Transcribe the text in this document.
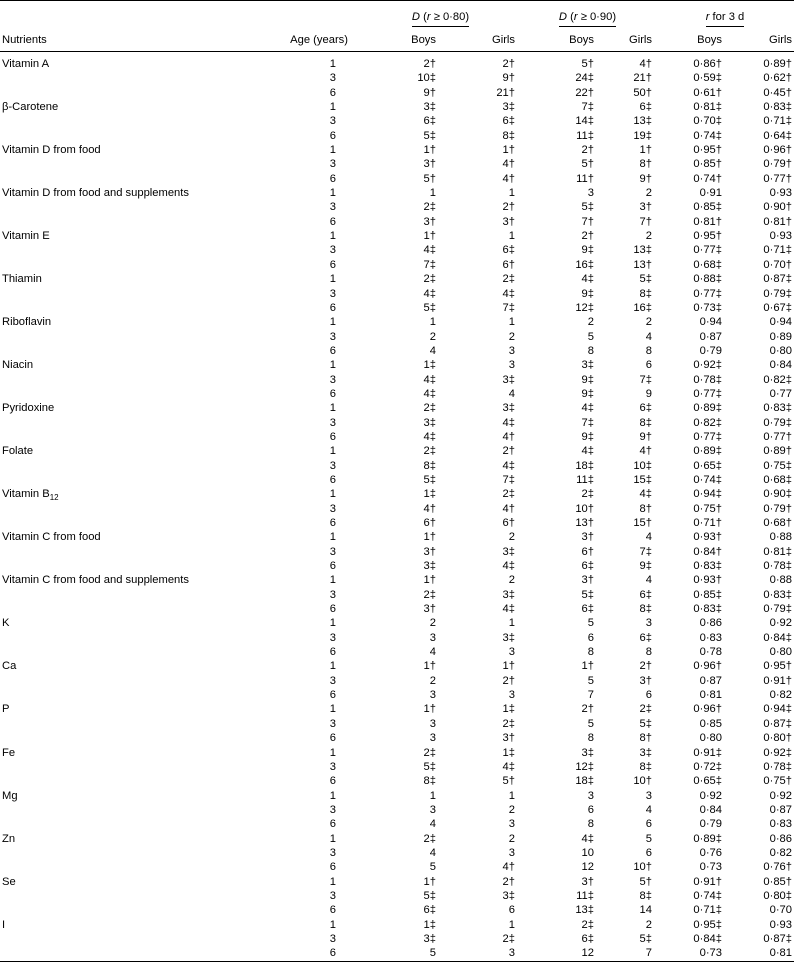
		D (r ≥ 0·80)		D (r ≥ 0·90)		r for 3 d	
Nutrients	Age (years)	Boys	Girls	Boys	Girls	Boys	Girls

Vitamin A	1	2†	2†	5†	4†	0·86†	0·89†
	3	10‡	9†	24‡	21†	0·59‡	0·62†
	6	9†	21†	22†	50†	0·61†	0·45†
β-Carotene	1	3‡	3‡	7‡	6‡	0·81‡	0·83‡
	3	6‡	6‡	14‡	13‡	0·70‡	0·71‡
	6	5‡	8‡	11‡	19‡	0·74‡	0·64‡
Vitamin D from food	1	1†	1†	2†	1†	0·95†	0·96†
	3	3†	4†	5†	8†	0·85†	0·79†
	6	5†	4†	11†	9†	0·74†	0·77†
Vitamin D from food and supplements	1	1	1	3	2	0·91	0·93
	3	2‡	2†	5‡	3†	0·85‡	0·90†
	6	3†	3†	7†	7†	0·81†	0·81†
Vitamin E	1	1†	1	2†	2	0·95†	0·93
	3	4‡	6‡	9‡	13‡	0·77‡	0·71‡
	6	7‡	6†	16‡	13†	0·68‡	0·70†
Thiamin	1	2‡	2‡	4‡	5‡	0·88‡	0·87‡
	3	4‡	4‡	9‡	8‡	0·77‡	0·79‡
	6	5‡	7‡	12‡	16‡	0·73‡	0·67‡
Riboflavin	1	1	1	2	2	0·94	0·94
	3	2	2	5	4	0·87	0·89
	6	4	3	8	8	0·79	0·80
Niacin	1	1‡	3	3‡	6	0·92‡	0·84
	3	4‡	3‡	9‡	7‡	0·78‡	0·82‡
	6	4‡	4	9‡	9	0·77‡	0·77
Pyridoxine	1	2‡	3‡	4‡	6‡	0·89‡	0·83‡
	3	3‡	4‡	7‡	8‡	0·82‡	0·79‡
	6	4‡	4†	9‡	9†	0·77‡	0·77†
Folate	1	2‡	2†	4‡	4†	0·89‡	0·89†
	3	8‡	4‡	18‡	10‡	0·65‡	0·75‡
	6	5‡	7‡	11‡	15‡	0·74‡	0·68‡
Vitamin $B_{12}$	1	1‡	2‡	2‡	4‡	0·94‡	0·90‡
	3	4†	4†	10†	8†	0·75†	0·79†
	6	6†	6†	13†	15†	0·71†	0·68†
Vitamin C from food	1	1†	2	3†	4	0·93†	0·88
	3	3†	3‡	6†	7‡	0·84†	0·81‡
	6	3‡	4‡	6‡	9‡	0·83‡	0·78‡
Vitamin C from food and supplements	1	1†	2	3†	4	0·93†	0·88
	3	2‡	3‡	5‡	6‡	0·85‡	0·83‡
	6	3†	4‡	6‡	8‡	0·83‡	0·79‡
K	1	2	1	5	3	0·86	0·92
	3	3	3‡	6	6‡	0·83	0·84‡
	6	4	3	8	8	0·78	0·80
Ca	1	1†	1†	1†	2†	0·96†	0·95†
	3	2	2†	5	3†	0·87	0·91†
	6	3	3	7	6	0·81	0·82
P	1	1†	1‡	2†	2‡	0·96†	0·94‡
	3	3	2‡	5	5‡	0·85	0·87‡
	6	3	3†	8	8†	0·80	0·80†
Fe	1	2‡	1‡	3‡	3‡	0·91‡	0·92‡
	3	5‡	4‡	12‡	8‡	0·72‡	0·78‡
	6	8‡	5†	18‡	10†	0·65‡	0·75†
Mg	1	1	1	3	3	0·92	0·92
	3	3	2	6	4	0·84	0·87
	6	4	3	8	6	0·79	0·83
Zn	1	2‡	2	4‡	5	0·89‡	0·86
	3	4	3	10	6	0·76	0·82
	6	5	4†	12	10†	0·73	0·76†
Se	1	1†	2†	3†	5†	0·91†	0·85†
	3	5‡	3‡	11‡	8‡	0·74‡	0·80‡
	6	6‡	6	13‡	14	0·71‡	0·70
I	1	1‡	1	2‡	2	0·95‡	0·93
	3	3‡	2‡	6‡	5‡	0·84‡	0·87‡
	6	5	3	12	7	0·73	0·81
